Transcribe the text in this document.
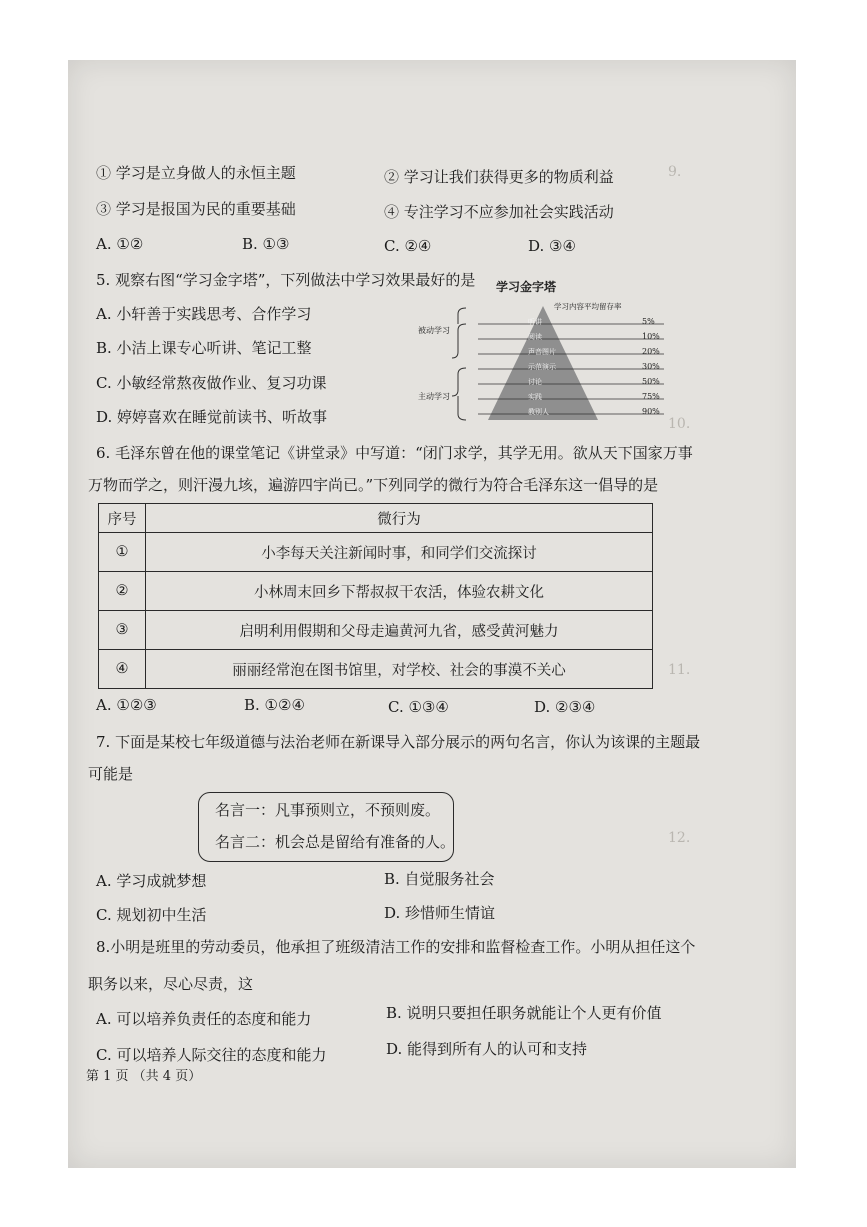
9.
10.
11.
12.
① 学习是立身做人的永恒主题	② 学习让我们获得更多的物质利益
③ 学习是报国为民的重要基础	④ 专注学习不应参加社会实践活动
A. ①②	B. ①③	C. ②④	D. ③④
5. 观察右图“学习金字塔”，下列做法中学习效果最好的是
A. 小轩善于实践思考、合作学习
B. 小洁上课专心听讲、笔记工整
C. 小敏经常熬夜做作业、复习功课
D. 婷婷喜欢在睡觉前读书、听故事
学习金字塔
学习内容平均留存率
被动学习
主动学习
听讲	5%
阅读	10%
声音图片	20%
示范演示	30%
讨论	50%
实践	75%
教别人	90%
6. 毛泽东曾在他的课堂笔记《讲堂录》中写道：“闭门求学，其学无用。欲从天下国家万事
万物而学之，则汗漫九垓，遍游四宇尚已。”下列同学的微行为符合毛泽东这一倡导的是
序号	微行为
①	小李每天关注新闻时事，和同学们交流探讨
②	小林周末回乡下帮叔叔干农活，体验农耕文化
③	启明利用假期和父母走遍黄河九省，感受黄河魅力
④	丽丽经常泡在图书馆里，对学校、社会的事漠不关心
A. ①②③	B. ①②④	C. ①③④	D. ②③④
7. 下面是某校七年级道德与法治老师在新课导入部分展示的两句名言，你认为该课的主题最
可能是
名言一：凡事预则立，不预则废。
名言二：机会总是留给有准备的人。
A. 学习成就梦想	B. 自觉服务社会
C. 规划初中生活	D. 珍惜师生情谊
8.小明是班里的劳动委员，他承担了班级清洁工作的安排和监督检查工作。小明从担任这个
职务以来，尽心尽责，这
A. 可以培养负责任的态度和能力	B. 说明只要担任职务就能让个人更有价值
C. 可以培养人际交往的态度和能力	D. 能得到所有人的认可和支持
第 1 页 （共 4 页）
